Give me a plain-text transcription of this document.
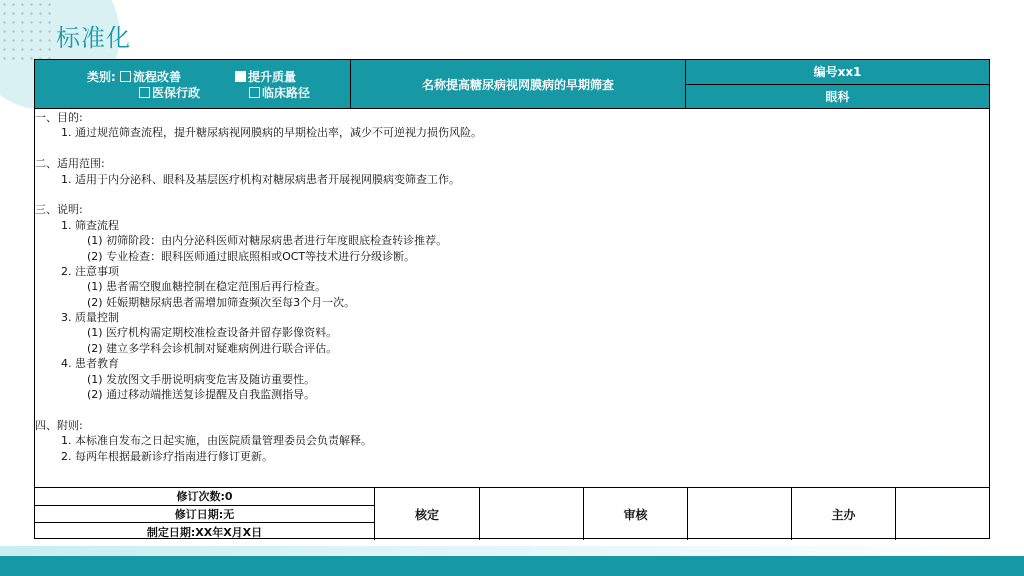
标准化
类别: 流程改善	提升质量
医保行政	临床路径
名称提高糖尿病视网膜病的早期筛查
编号xx1
眼科
一、目的:
1. 通过规范筛查流程，提升糖尿病视网膜病的早期检出率，减少不可逆视力损伤风险。
二、适用范围:
1. 适用于内分泌科、眼科及基层医疗机构对糖尿病患者开展视网膜病变筛查工作。
三、说明:
1. 筛查流程
(1) 初筛阶段：由内分泌科医师对糖尿病患者进行年度眼底检查转诊推荐。
(2) 专业检查：眼科医师通过眼底照相或OCT等技术进行分级诊断。
2. 注意事项
(1) 患者需空腹血糖控制在稳定范围后再行检查。
(2) 妊娠期糖尿病患者需增加筛查频次至每3个月一次。
3. 质量控制
(1) 医疗机构需定期校准检查设备并留存影像资料。
(2) 建立多学科会诊机制对疑难病例进行联合评估。
4. 患者教育
(1) 发放图文手册说明病变危害及随访重要性。
(2) 通过移动端推送复诊提醒及自我监测指导。
四、附则:
1. 本标准自发布之日起实施，由医院质量管理委员会负责解释。
2. 每两年根据最新诊疗指南进行修订更新。
修订次数:0
修订日期:无
制定日期:XX年X月X日
核定	审核	主办
